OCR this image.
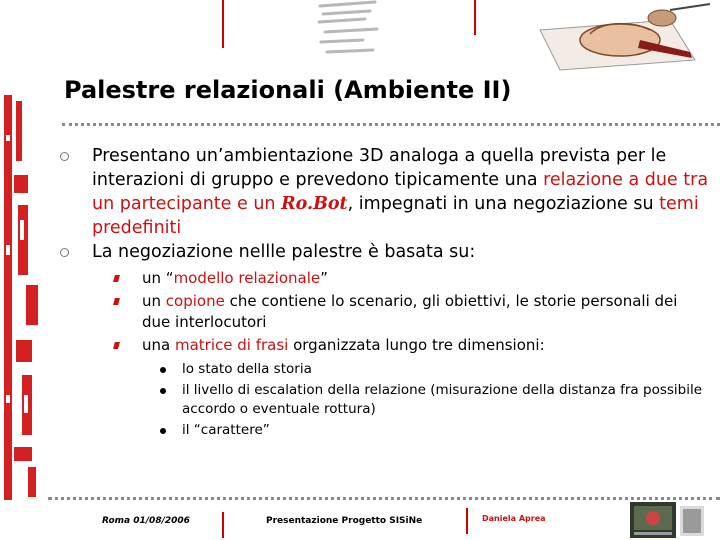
Palestre relazionali (Ambiente II)

Presentano un’ambientazione 3D analoga a quella prevista per le interazioni di gruppo e prevedono tipicamente una relazione a due tra un partecipante e un Ro.Bot, impegnati in una negoziazione su temi predefiniti

La negoziazione nellle palestre è basata su:

un “modello relazionale”

un copione che contiene lo scenario, gli obiettivi, le storie personali dei due interlocutori

una matrice di frasi organizzata lungo tre dimensioni:

lo stato della storia

il livello di escalation della relazione (misurazione della distanza fra possibile accordo o eventuale rottura)

il “carattere”

Roma 01/08/2006	Presentazione Progetto SISiNe	Daniela Aprea
